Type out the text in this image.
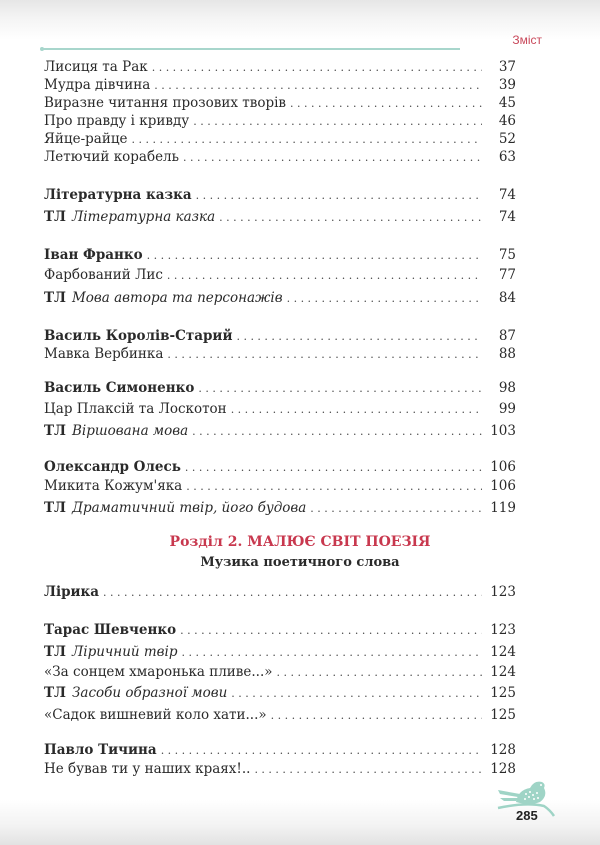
Зміст
Лисиця та Рак . . .	37
Мудра дівчина . . .	39
Виразне читання прозових творів . . .	45
Про правду і кривду . . .	46
Яйце-райце . . .	52
Летючий корабель . . .	63
Літературна казка . . .	74
ТЛ Літературна казка . . .	74
Іван Франко . . .	75
Фарбований Лис . . .	77
ТЛ Мова автора та персонажів . . .	84
Василь Королів-Старий . . .	87
Мавка Вербинка . . .	88
Василь Симоненко . . .	98
Цар Плаксій та Лоскотон . . .	99
ТЛ Віршована мова . . .	103
Олександр Олесь . . .	106
Микита Кожум'яка . . .	106
ТЛ Драматичний твір, його будова . . .	119
Лірика . . .	123
Тарас Шевченко . . .	123
ТЛ Ліричний твір . . .	124
«За сонцем хмаронька пливе...» . . .	124
ТЛ Засоби образної мови . . .	125
«Садок вишневий коло хати...» . . .	125
Павло Тичина . . .	128
Не бував ти у наших краях!.. . . .	128
Розділ 2. МАЛЮЄ СВІТ ПОЕЗІЯ
Музика поетичного слова
285
